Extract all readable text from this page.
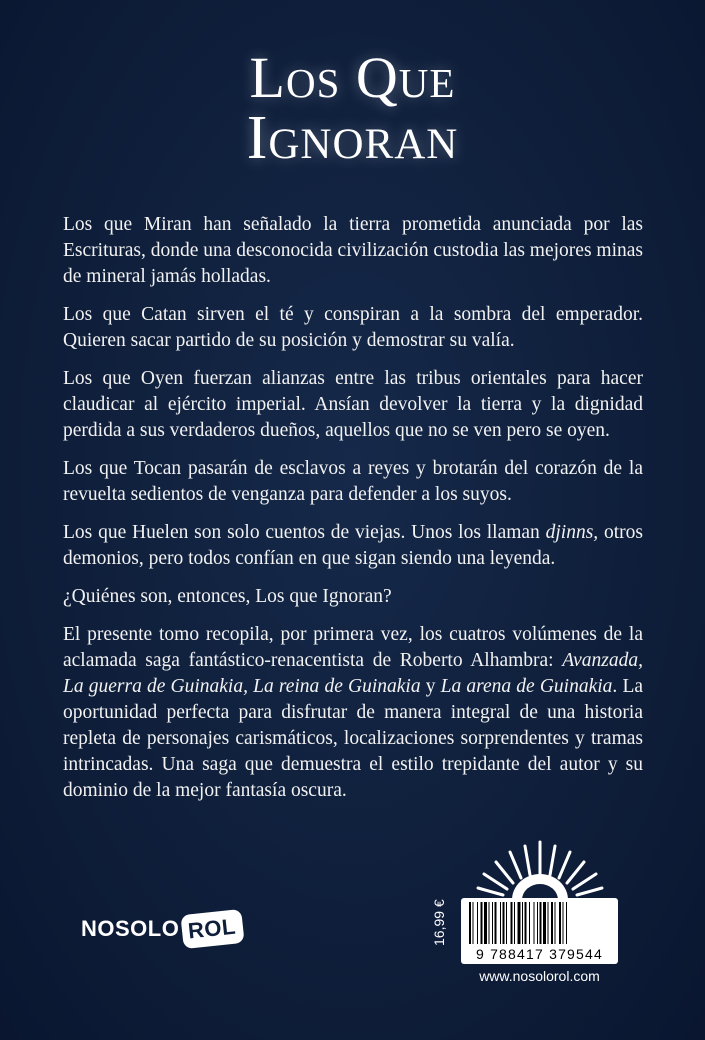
Los Que
Ignoran

Los que Miran han señalado la tierra prometida anunciada por las Escrituras, donde una desconocida civilización custodia las mejores minas de mineral jamás holladas.

Los que Catan sirven el té y conspiran a la sombra del emperador. Quieren sacar partido de su posición y demostrar su valía.

Los que Oyen fuerzan alianzas entre las tribus orientales para hacer claudicar al ejército imperial. Ansían devolver la tierra y la dignidad perdida a sus verdaderos dueños, aquellos que no se ven pero se oyen.

Los que Tocan pasarán de esclavos a reyes y brotarán del corazón de la revuelta sedientos de venganza para defender a los suyos.

Los que Huelen son solo cuentos de viejas. Unos los llaman djinns, otros demonios, pero todos confían en que sigan siendo una leyenda.

¿Quiénes son, entonces, Los que Ignoran?

El presente tomo recopila, por primera vez, los cuatros volúmenes de la aclamada saga fantástico-renacentista de Roberto Alhambra: Avanzada, La guerra de Guinakia, La reina de Guinakia y La arena de Guinakia. La oportunidad perfecta para disfrutar de manera integral de una historia repleta de personajes carismáticos, localizaciones sorprendentes y tramas intrincadas. Una saga que demuestra el estilo trepidante del autor y su dominio de la mejor fantasía oscura.

NOSOLO ROL	16,99 €
9 788417 379544
www.nosolorol.com
